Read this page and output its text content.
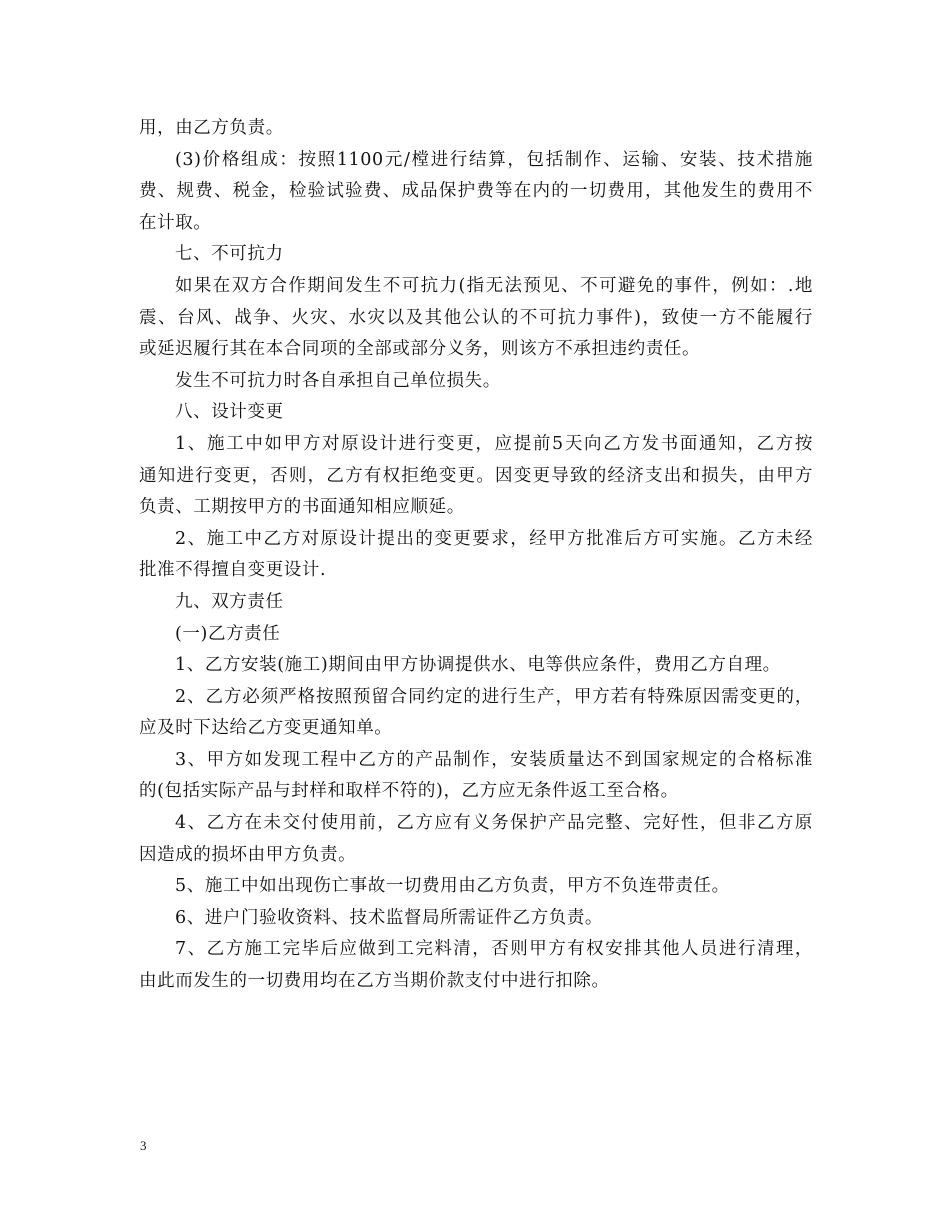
用，由乙方负责。
(3)价格组成：按照1100元/樘进行结算，包括制作、运输、安装、技术措施
费、规费、税金，检验试验费、成品保护费等在内的一切费用，其他发生的费用不
在计取。
七、不可抗力
如果在双方合作期间发生不可抗力(指无法预见、不可避免的事件，例如：.地
震、台风、战争、火灾、水灾以及其他公认的不可抗力事件)，致使一方不能履行
或延迟履行其在本合同项的全部或部分义务，则该方不承担违约责任。
发生不可抗力时各自承担自己单位损失。
八、设计变更
1、施工中如甲方对原设计进行变更，应提前5天向乙方发书面通知，乙方按
通知进行变更，否则，乙方有权拒绝变更。因变更导致的经济支出和损失，由甲方
负责、工期按甲方的书面通知相应顺延。
2、施工中乙方对原设计提出的变更要求，经甲方批准后方可实施。乙方未经
批准不得擅自变更设计.
九、双方责任
(一)乙方责任
1、乙方安装(施工)期间由甲方协调提供水、电等供应条件，费用乙方自理。
2、乙方必须严格按照预留合同约定的进行生产，甲方若有特殊原因需变更的，
应及时下达给乙方变更通知单。
3、甲方如发现工程中乙方的产品制作，安装质量达不到国家规定的合格标准
的(包括实际产品与封样和取样不符的)，乙方应无条件返工至合格。
4、乙方在未交付使用前，乙方应有义务保护产品完整、完好性，但非乙方原
因造成的损坏由甲方负责。
5、施工中如出现伤亡事故一切费用由乙方负责，甲方不负连带责任。
6、进户门验收资料、技术监督局所需证件乙方负责。
7、乙方施工完毕后应做到工完料清，否则甲方有权安排其他人员进行清理，
由此而发生的一切费用均在乙方当期价款支付中进行扣除。
3
